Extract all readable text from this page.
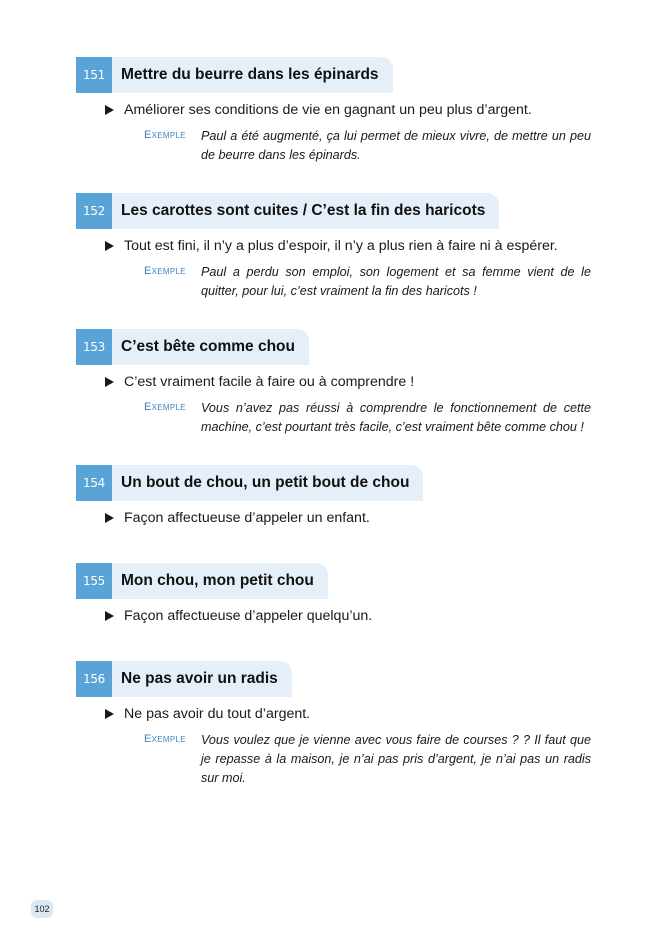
151	Mettre du beurre dans les épinards
Améliorer ses conditions de vie en gagnant un peu plus d’argent.
Exemple	Paul a été augmenté, ça lui permet de mieux vivre, de mettre un peu de beurre dans les épinards.
152	Les carottes sont cuites / C’est la fin des haricots
Tout est fini, il n’y a plus d’espoir, il n’y a plus rien à faire ni à espérer.
Exemple	Paul a perdu son emploi, son logement et sa femme vient de le quitter, pour lui, c’est vraiment la fin des haricots !
153	C’est bête comme chou
C’est vraiment facile à faire ou à comprendre !
Exemple	Vous n’avez pas réussi à comprendre le fonctionnement de cette machine, c’est pourtant très facile, c’est vraiment bête comme chou !
154	Un bout de chou, un petit bout de chou
Façon affectueuse d’appeler un enfant.
155	Mon chou, mon petit chou
Façon affectueuse d’appeler quelqu’un.
156	Ne pas avoir un radis
Ne pas avoir du tout d’argent.
Exemple	Vous voulez que je vienne avec vous faire de courses ? ? Il faut que je repasse à la maison, je n’ai pas pris d’argent, je n’ai pas un radis sur moi.
102
